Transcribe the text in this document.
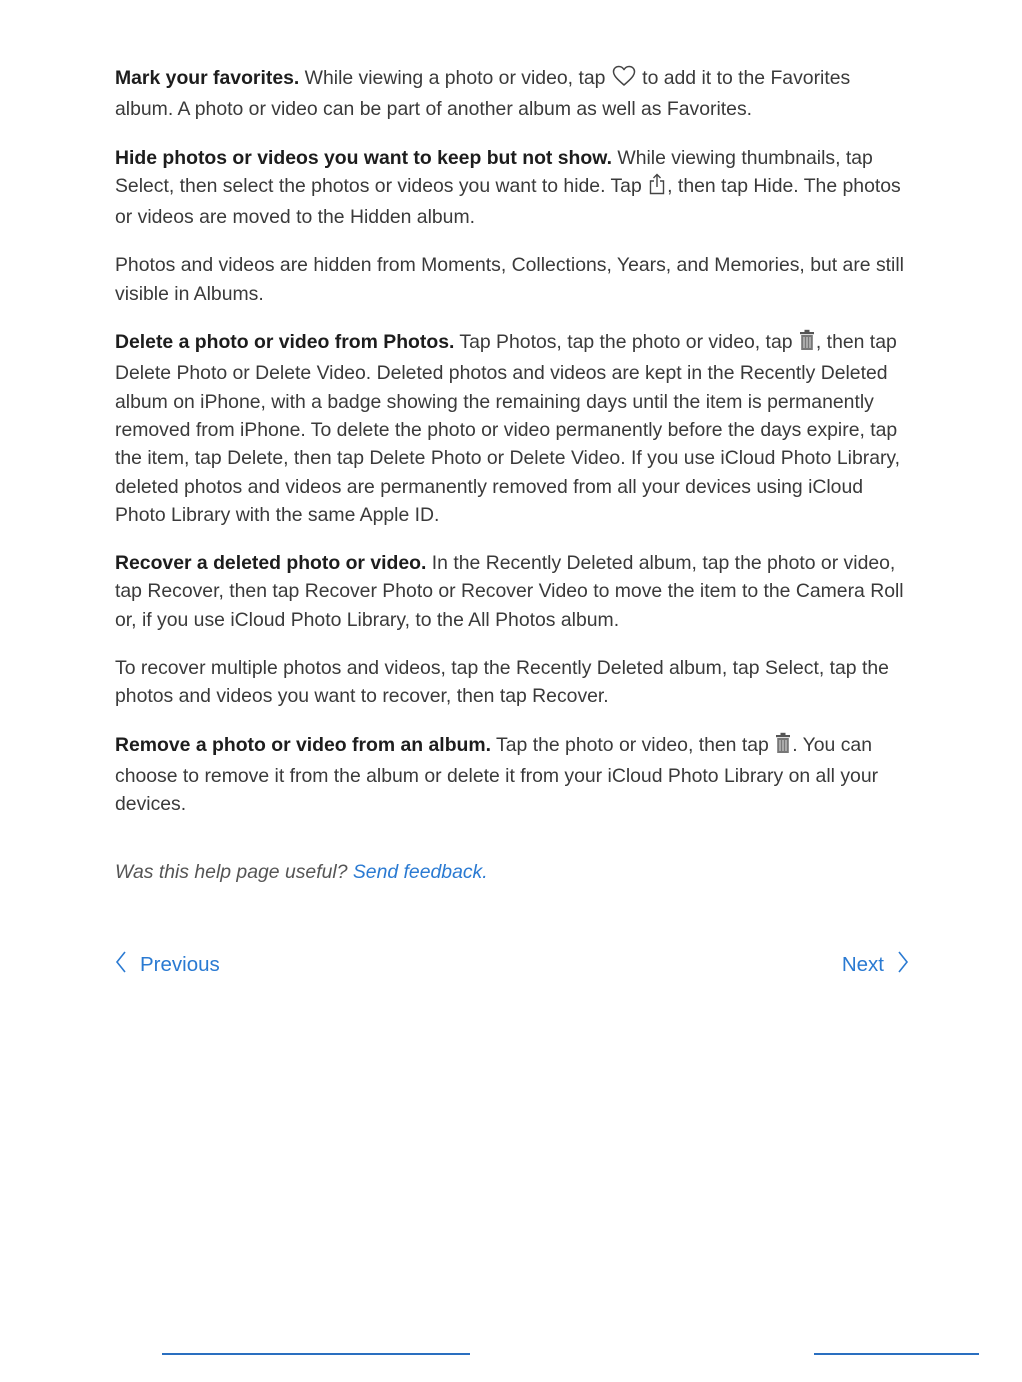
Mark your favorites. While viewing a photo or video, tap  to add it to the Favorites album. A photo or video can be part of another album as well as Favorites.

Hide photos or videos you want to keep but not show. While viewing thumbnails, tap Select, then select the photos or videos you want to hide. Tap , then tap Hide. The photos or videos are moved to the Hidden album.

Photos and videos are hidden from Moments, Collections, Years, and Memories, but are still visible in Albums.

Delete a photo or video from Photos. Tap Photos, tap the photo or video, tap , then tap Delete Photo or Delete Video. Deleted photos and videos are kept in the Recently Deleted album on iPhone, with a badge showing the remaining days until the item is permanently removed from iPhone. To delete the photo or video permanently before the days expire, tap the item, tap Delete, then tap Delete Photo or Delete Video. If you use iCloud Photo Library, deleted photos and videos are permanently removed from all your devices using iCloud Photo Library with the same Apple ID.

Recover a deleted photo or video. In the Recently Deleted album, tap the photo or video, tap Recover, then tap Recover Photo or Recover Video to move the item to the Camera Roll or, if you use iCloud Photo Library, to the All Photos album.

To recover multiple photos and videos, tap the Recently Deleted album, tap Select, tap the photos and videos you want to recover, then tap Recover.

Remove a photo or video from an album. Tap the photo or video, then tap . You can choose to remove it from the album or delete it from your iCloud Photo Library on all your devices.

Was this help page useful? Send feedback.
Previous	Next
